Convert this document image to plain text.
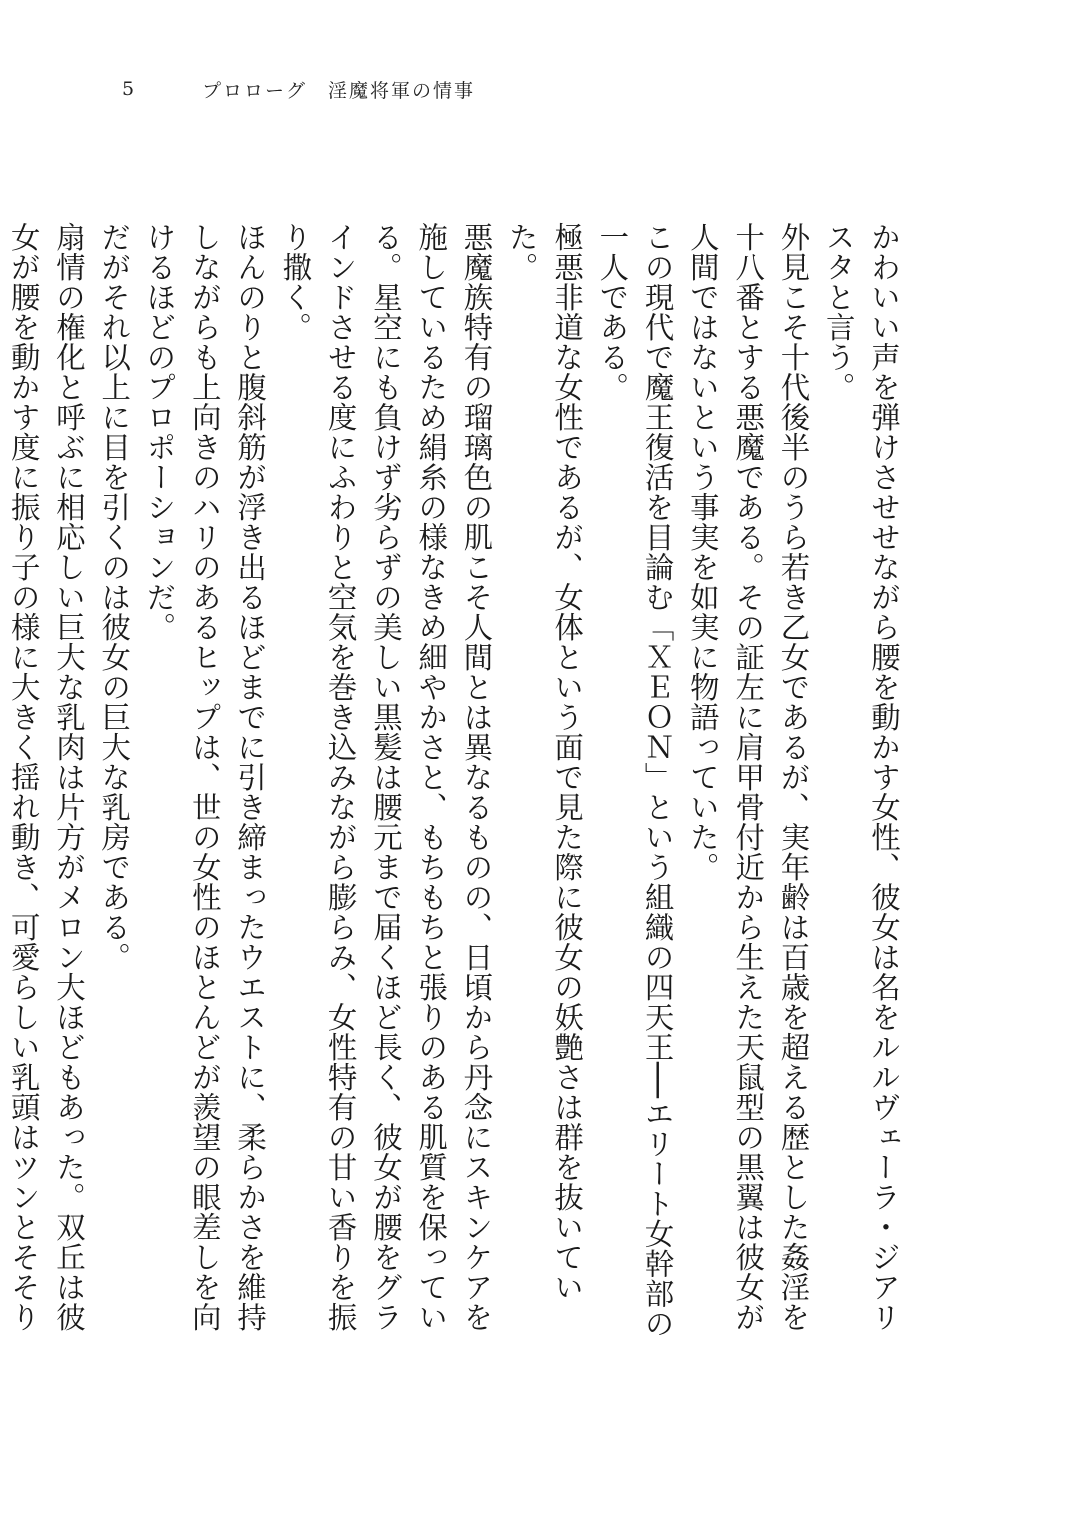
5	プロローグ　淫魔将軍の情事

かわいい声を弾けさせせながら腰を動かす女性、彼女は名をルルヴェーラ・ジアリスタと言う。

外見こそ十代後半のうら若き乙女であるが、実年齢は百歳を超える歴とした姦淫を十八番とする悪魔である。その証左に肩甲骨付近から生えた天鼠型の黒翼は彼女が人間ではないという事実を如実に物語っていた。

この現代で魔王復活を目論む「ＸＥＯＮ」という組織の四天王──エリート女幹部の一人である。

極悪非道な女性であるが、女体という面で見た際に彼女の妖艶さは群を抜いていた。

悪魔族特有の瑠璃色の肌こそ人間とは異なるものの、日頃から丹念にスキンケアを施しているため絹糸の様なきめ細やかさと、もちもちと張りのある肌質を保っている。星空にも負けず劣らずの美しい黒髪は腰元まで届くほど長く、彼女が腰をグラインドさせる度にふわりと空気を巻き込みながら膨らみ、女性特有の甘い香りを振り撒く。

ほんのりと腹斜筋が浮き出るほどまでに引き締まったウエストに、柔らかさを維持しながらも上向きのハリのあるヒップは、世の女性のほとんどが羨望の眼差しを向けるほどのプロポーションだ。

だがそれ以上に目を引くのは彼女の巨大な乳房である。

扇情の権化と呼ぶに相応しい巨大な乳肉は片方がメロン大ほどもあった。双丘は彼女が腰を動かす度に振り子の様に大きく揺れ動き、可愛らしい乳頭はツンとそそり
